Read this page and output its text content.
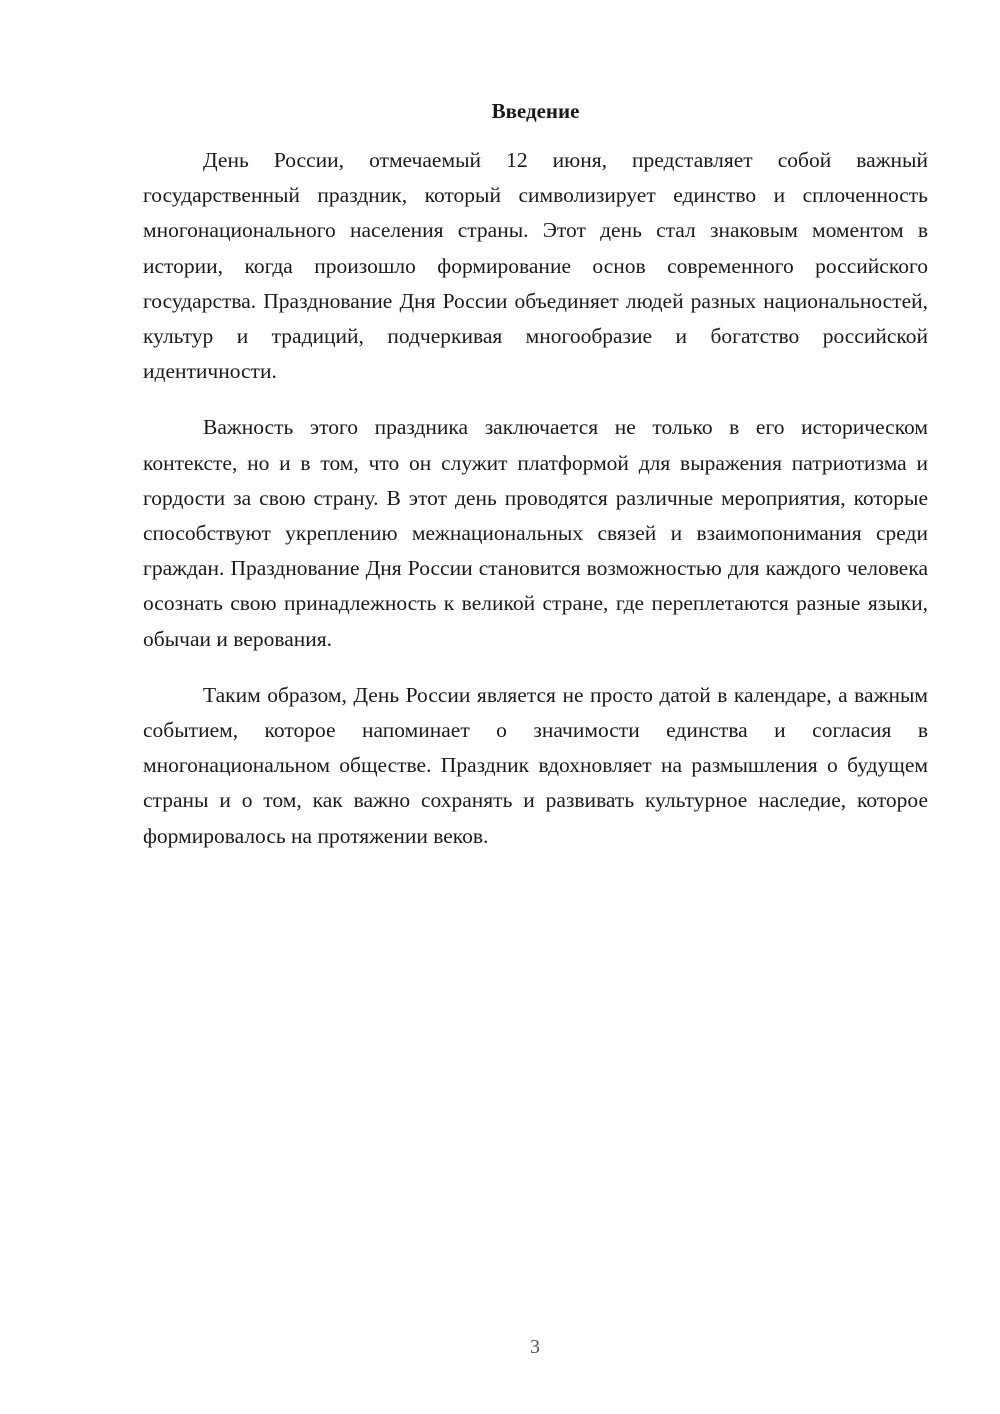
Введение

День России, отмечаемый 12 июня, представляет собой важный государственный праздник, который символизирует единство и сплоченность многонационального населения страны. Этот день стал знаковым моментом в истории, когда произошло формирование основ современного российского государства. Празднование Дня России объединяет людей разных национальностей, культур и традиций, подчеркивая многообразие и богатство российской идентичности.

Важность этого праздника заключается не только в его историческом контексте, но и в том, что он служит платформой для выражения патриотизма и гордости за свою страну. В этот день проводятся различные мероприятия, которые способствуют укреплению межнациональных связей и взаимопонимания среди граждан. Празднование Дня России становится возможностью для каждого человека осознать свою принадлежность к великой стране, где переплетаются разные языки, обычаи и верования.

Таким образом, День России является не просто датой в календаре, а важным событием, которое напоминает о значимости единства и согласия в многонациональном обществе. Праздник вдохновляет на размышления о будущем страны и о том, как важно сохранять и развивать культурное наследие, которое формировалось на протяжении веков.

3
